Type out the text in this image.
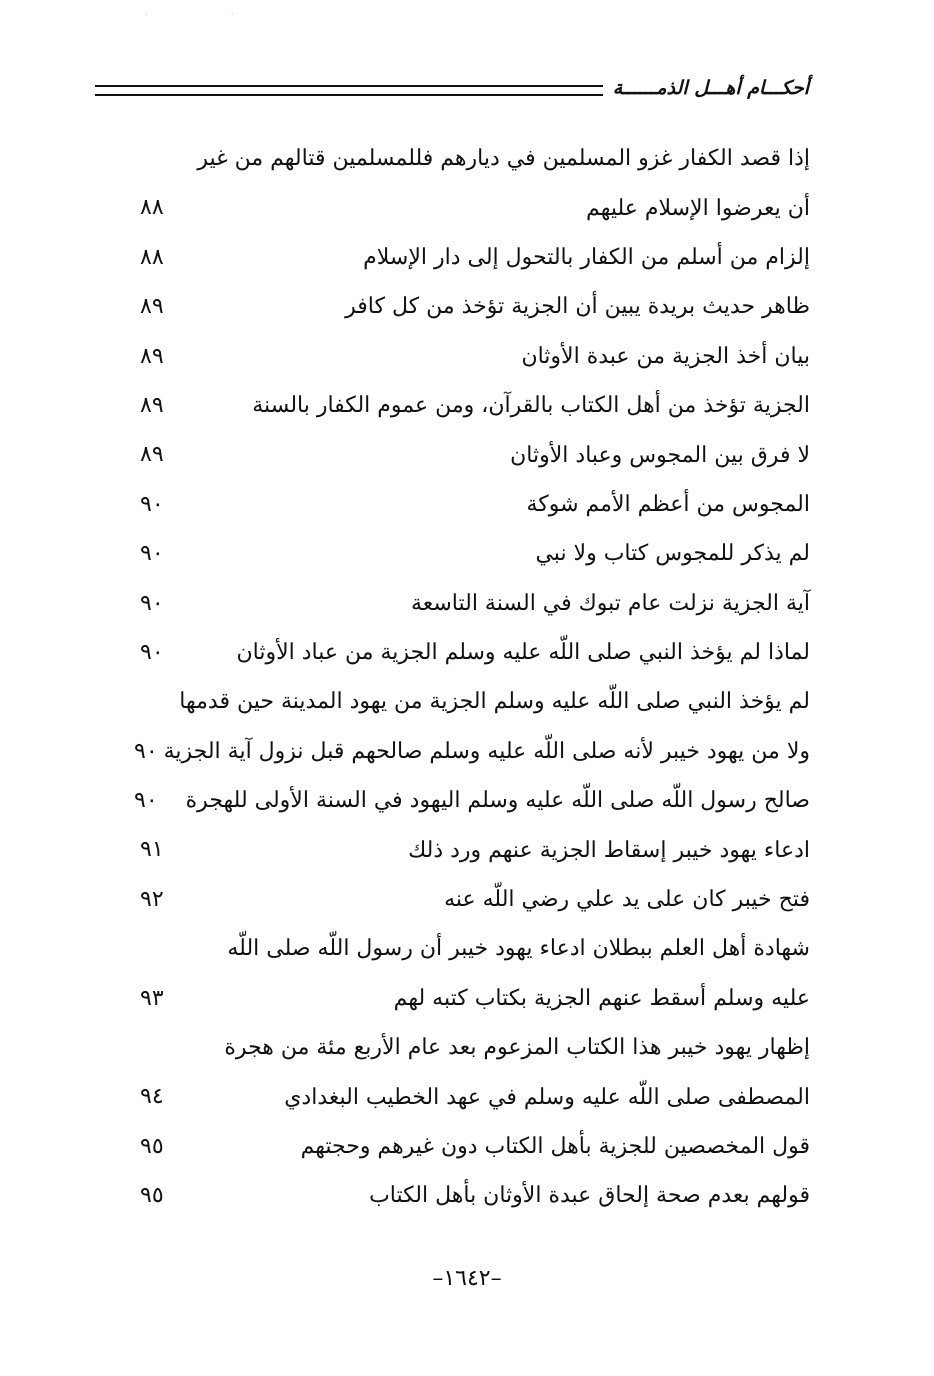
· ·
أحكـــام أهـــل الذمــــــة
إذا قصد الكفار غزو المسلمين في ديارهم فللمسلمين قتالهم من غير
أن يعرضوا الإسلام عليهم
٨٨
إلزام من أسلم من الكفار بالتحول إلى دار الإسلام
٨٨
ظاهر حديث بريدة يبين أن الجزية تؤخذ من كل كافر
٨٩
بيان أخذ الجزية من عبدة الأوثان
٨٩
الجزية تؤخذ من أهل الكتاب بالقرآن، ومن عموم الكفار بالسنة
٨٩
لا فرق بين المجوس وعباد الأوثان
٨٩
المجوس من أعظم الأمم شوكة
٩٠
لم يذكر للمجوس كتاب ولا نبي
٩٠
آية الجزية نزلت عام تبوك في السنة التاسعة
٩٠
لماذا لم يؤخذ النبي صلى اللّه عليه وسلم الجزية من عباد الأوثان
٩٠
لم يؤخذ النبي صلى اللّه عليه وسلم الجزية من يهود المدينة حين قدمها
ولا من يهود خيبر لأنه صلى اللّه عليه وسلم صالحهم قبل نزول آية الجزية
٩٠
صالح رسول اللّه صلى اللّه عليه وسلم اليهود في السنة الأولى للهجرة
٩٠
ادعاء يهود خيبر إسقاط الجزية عنهم ورد ذلك
٩١
فتح خيبر كان على يد علي رضي اللّه عنه
٩٢
شهادة أهل العلم ببطلان ادعاء يهود خيبر أن رسول اللّه صلى اللّه
عليه وسلم أسقط عنهم الجزية بكتاب كتبه لهم
٩٣
إظهار يهود خيبر هذا الكتاب المزعوم بعد عام الأربع مئة من هجرة
المصطفى صلى اللّه عليه وسلم في عهد الخطيب البغدادي
٩٤
قول المخصصين للجزية بأهل الكتاب دون غيرهم وحجتهم
٩٥
قولهم بعدم صحة إلحاق عبدة الأوثان بأهل الكتاب
٩٥
–١٦٤٢–
